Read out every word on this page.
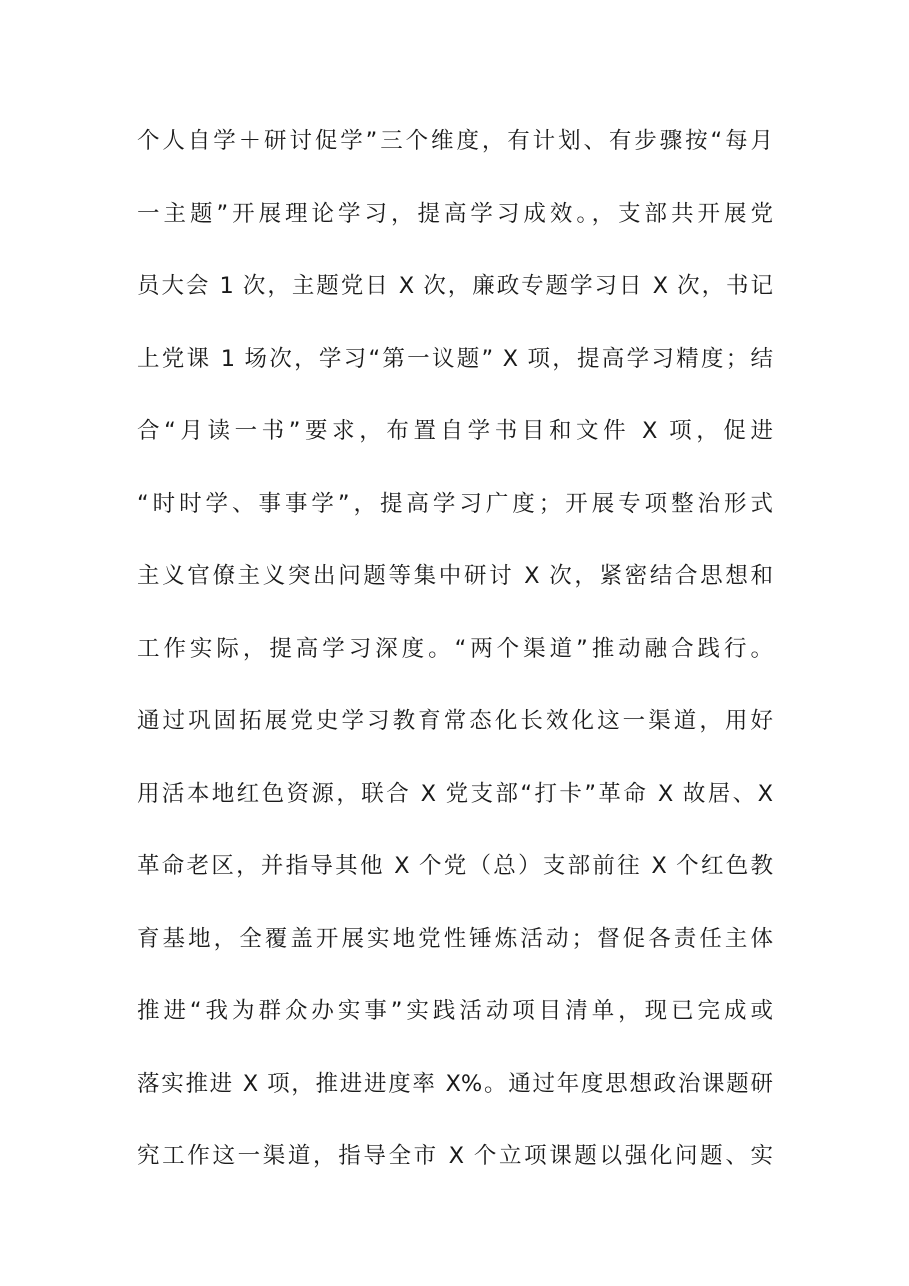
个人自学＋研讨促学”三个维度，有计划、有步骤按“每月
一主题”开展理论学习，提高学习成效。，支部共开展党
员大会 1 次，主题党日 X 次，廉政专题学习日 X 次，书记
上党课 1 场次，学习“第一议题” X 项，提高学习精度；结
合“月读一书”要求，布置自学书目和文件 X 项，促进
“时时学、事事学”，提高学习广度；开展专项整治形式
主义官僚主义突出问题等集中研讨 X 次，紧密结合思想和
工作实际，提高学习深度。“两个渠道”推动融合践行。
通过巩固拓展党史学习教育常态化长效化这一渠道，用好
用活本地红色资源，联合 X 党支部“打卡”革命 X 故居、X
革命老区，并指导其他 X 个党（总）支部前往 X 个红色教
育基地，全覆盖开展实地党性锤炼活动；督促各责任主体
推进“我为群众办实事”实践活动项目清单，现已完成或
落实推进 X 项，推进进度率 X%。通过年度思想政治课题研
究工作这一渠道，指导全市 X 个立项课题以强化问题、实
